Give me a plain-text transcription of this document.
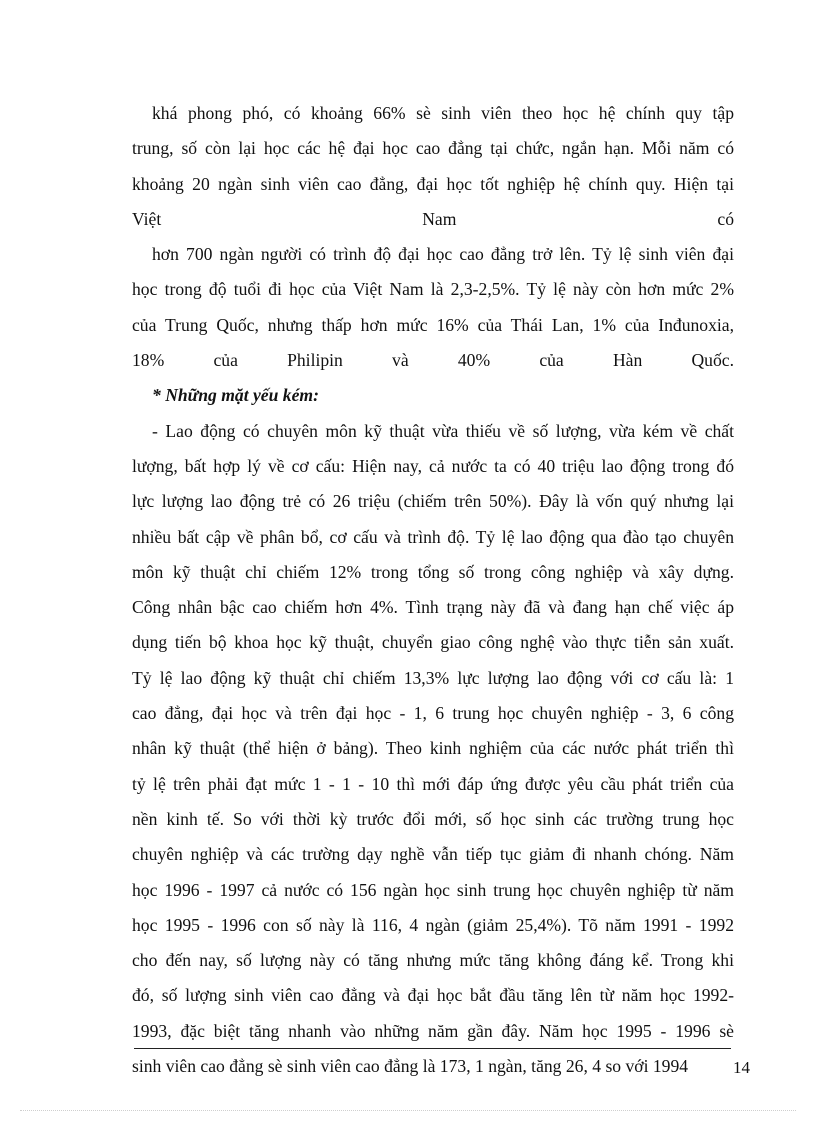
khá phong phó, có khoảng 66% sè sinh viên theo học hệ chính quy tập
trung, số còn lại học các hệ đại học cao đẳng tại chức, ngắn hạn. Mỗi năm có
khoảng 20 ngàn sinh viên cao đẳng, đại học tốt nghiệp hệ chính quy. Hiện tại
Việt Nam có
hơn 700 ngàn người có trình độ đại học cao đẳng trở lên. Tỷ lệ sinh viên đại
học trong độ tuổi đi học của Việt Nam là 2,3-2,5%. Tỷ lệ này còn hơn mức 2%
của Trung Quốc, nhưng thấp hơn mức 16% của Thái Lan, 1% của Inđunoxia,
18% của Philipin và 40% của Hàn Quốc.
* Những mặt yếu kém:
- Lao động có chuyên môn kỹ thuật vừa thiếu về số lượng, vừa kém về chất
lượng, bất hợp lý về cơ cấu: Hiện nay, cả nước ta có 40 triệu lao động trong đó
lực lượng lao động trẻ có 26 triệu (chiếm trên 50%). Đây là vốn quý nhưng lại
nhiều bất cập về phân bổ, cơ cấu và trình độ. Tỷ lệ lao động qua đào tạo chuyên
môn kỹ thuật chỉ chiếm 12% trong tổng số trong công nghiệp và xây dựng.
Công nhân bậc cao chiếm hơn 4%. Tình trạng này đã và đang hạn chế việc áp
dụng tiến bộ khoa học kỹ thuật, chuyển giao công nghệ vào thực tiễn sản xuất.
Tỷ lệ lao động kỹ thuật chỉ chiếm 13,3% lực lượng lao động với cơ cấu là: 1
cao đẳng, đại học và trên đại học - 1, 6 trung học chuyên nghiệp - 3, 6 công
nhân kỹ thuật (thể hiện ở bảng). Theo kinh nghiệm của các nước phát triển thì
tỷ lệ trên phải đạt mức 1 - 1 - 10 thì mới đáp ứng được yêu cầu phát triển của
nền kinh tế. So với thời kỳ trước đổi mới, số học sinh các trường trung học
chuyên nghiệp và các trường dạy nghề vẫn tiếp tục giảm đi nhanh chóng. Năm
học 1996 - 1997 cả nước có 156 ngàn học sinh trung học chuyên nghiệp từ năm
học 1995 - 1996 con số này là 116, 4 ngàn (giảm 25,4%). Tõ năm 1991 - 1992
cho đến nay, số lượng này có tăng nhưng mức tăng không đáng kể. Trong khi
đó, số lượng sinh viên cao đẳng và đại học bắt đầu tăng lên từ năm học 1992-
1993, đặc biệt tăng nhanh vào những năm gần đây. Năm học 1995 - 1996 sè
sinh viên cao đẳng sè sinh viên cao đẳng là 173, 1 ngàn, tăng 26, 4 so với 1994	14
